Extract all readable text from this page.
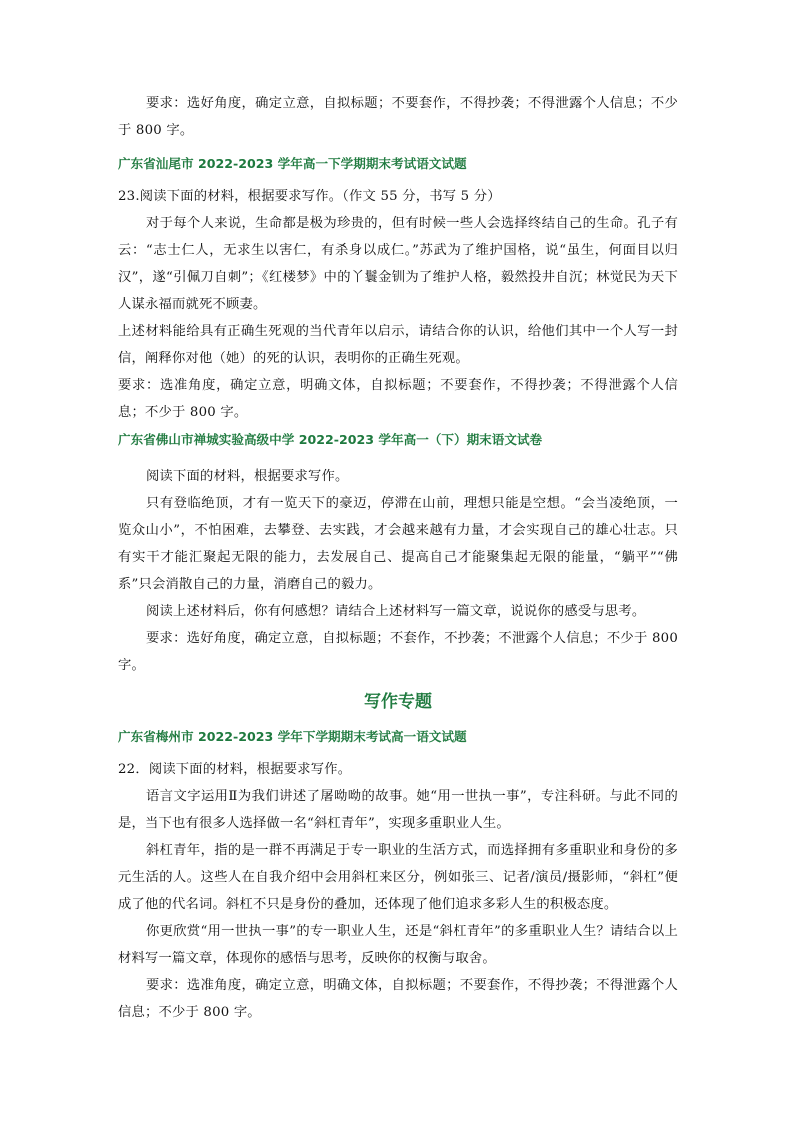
要求：选好角度，确定立意，自拟标题；不要套作，不得抄袭；不得泄露个人信息；不少于 800 字。

广东省汕尾市 2022-2023 学年高一下学期期末考试语文试题

23.阅读下面的材料，根据要求写作。（作文 55 分，书写 5 分）

对于每个人来说，生命都是极为珍贵的，但有时候一些人会选择终结自己的生命。孔子有云：“志士仁人，无求生以害仁，有杀身以成仁。”苏武为了维护国格，说“虽生，何面目以归汉”，遂“引佩刀自刺”；《红楼梦》中的丫鬟金钏为了维护人格，毅然投井自沉；林觉民为天下人谋永福而就死不顾妻。

上述材料能给具有正确生死观的当代青年以启示，请结合你的认识，给他们其中一个人写一封信，阐释你对他（她）的死的认识，表明你的正确生死观。

要求：选准角度，确定立意，明确文体，自拟标题；不要套作，不得抄袭；不得泄露个人信息；不少于 800 字。

广东省佛山市禅城实验高级中学 2022-2023 学年高一（下）期末语文试卷

阅读下面的材料，根据要求写作。

只有登临绝顶，才有一览天下的豪迈，停滞在山前，理想只能是空想。“会当凌绝顶，一览众山小”，不怕困难，去攀登、去实践，才会越来越有力量，才会实现自己的雄心壮志。只有实干才能汇聚起无限的能力，去发展自己、提高自己才能聚集起无限的能量，“躺平”“佛系”只会消散自己的力量，消磨自己的毅力。

阅读上述材料后，你有何感想？请结合上述材料写一篇文章，说说你的感受与思考。

要求：选好角度，确定立意，自拟标题；不套作，不抄袭；不泄露个人信息；不少于 800 字。

写作专题

广东省梅州市 2022-2023 学年下学期期末考试高一语文试题

22．阅读下面的材料，根据要求写作。

语言文字运用Ⅱ为我们讲述了屠呦呦的故事。她“用一世执一事”，专注科研。与此不同的是，当下也有很多人选择做一名“斜杠青年”，实现多重职业人生。

斜杠青年，指的是一群不再满足于专一职业的生活方式，而选择拥有多重职业和身份的多元生活的人。这些人在自我介绍中会用斜杠来区分，例如张三、记者/演员/摄影师，“斜杠”便成了他的代名词。斜杠不只是身份的叠加，还体现了他们追求多彩人生的积极态度。

你更欣赏“用一世执一事”的专一职业人生，还是“斜杠青年”的多重职业人生？请结合以上材料写一篇文章，体现你的感悟与思考，反映你的权衡与取舍。

要求：选准角度，确定立意，明确文体，自拟标题；不要套作，不得抄袭；不得泄露个人信息；不少于 800 字。
